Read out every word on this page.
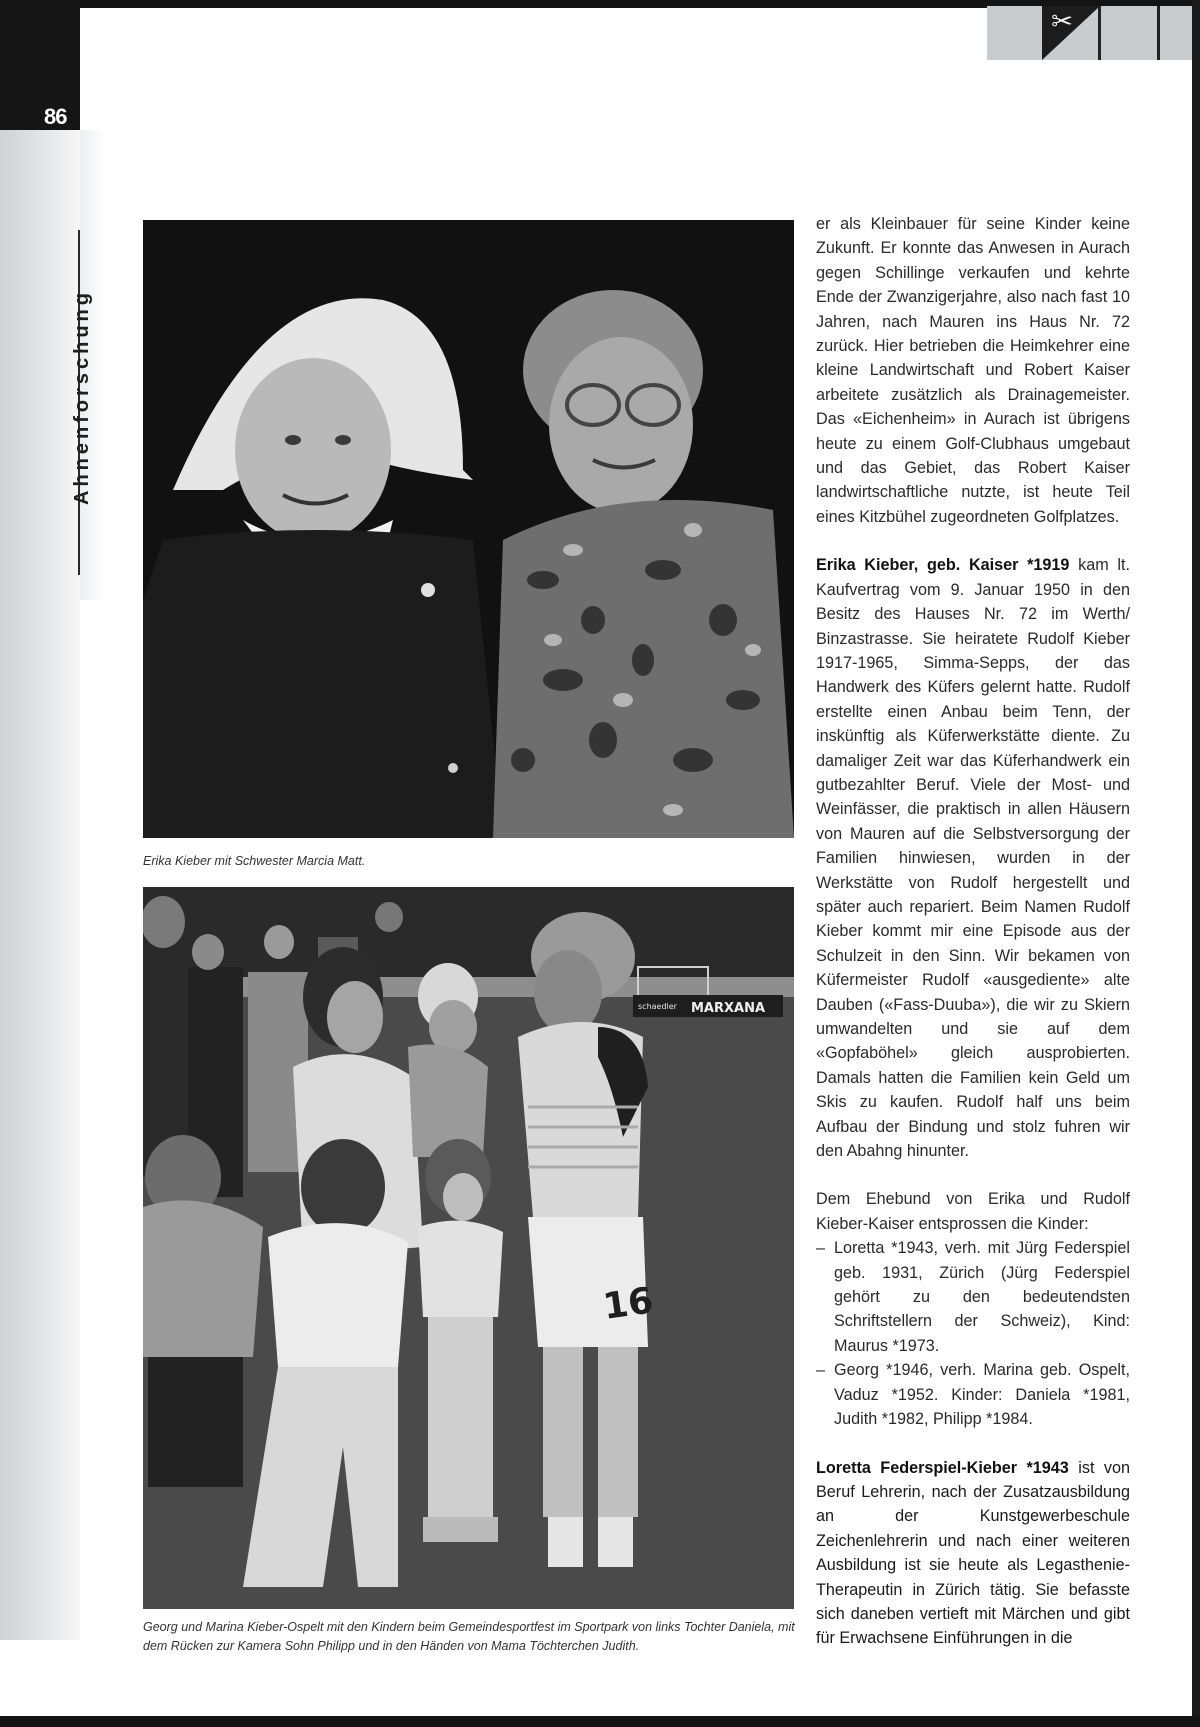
86
Ahnenforschung
✂
Erika Kieber mit Schwester Marcia Matt.
schaedler MARXANA
16
Georg und Marina Kieber-Ospelt mit den Kindern beim Gemeindesportfest im Sportpark von links Tochter Daniela, mit dem Rücken zur Kamera Sohn Philipp und in den Händen von Mama Töchterchen Judith.

er als Kleinbauer für seine Kinder keine Zukunft. Er konnte das Anwesen in Aurach gegen Schillinge verkaufen und kehrte Ende der Zwanzigerjahre, also nach fast 10 Jahren, nach Mauren ins Haus Nr. 72 zurück. Hier betrieben die Heimkehrer eine kleine Landwirtschaft und Robert Kaiser arbeitete zusätzlich als Drainagemeister. Das «Eichenheim» in Aurach ist übrigens heute zu einem Golf-Clubhaus umgebaut und das Gebiet, das Robert Kaiser landwirtschaftliche nutzte, ist heute Teil eines Kitzbühel zugeordneten Golfplatzes.

Erika Kieber, geb. Kaiser *1919 kam lt. Kaufvertrag vom 9. Januar 1950 in den Besitz des Hauses Nr. 72 im Werth/ Binzastrasse. Sie heiratete Rudolf Kieber 1917-1965, Simma-Sepps, der das Handwerk des Küfers gelernt hatte. Rudolf erstellte einen Anbau beim Tenn, der inskünftig als Küferwerkstätte diente. Zu damaliger Zeit war das Küferhandwerk ein gutbezahlter Beruf. Viele der Most- und Weinfässer, die praktisch in allen Häusern von Mauren auf die Selbstversorgung der Familien hinwiesen, wurden in der Werkstätte von Rudolf hergestellt und später auch repariert. Beim Namen Rudolf Kieber kommt mir eine Episode aus der Schulzeit in den Sinn. Wir bekamen von Küfermeister Rudolf «ausgediente» alte Dauben («Fass-Duuba»), die wir zu Skiern umwandelten und sie auf dem «Gopfaböhel» gleich ausprobierten. Damals hatten die Familien kein Geld um Skis zu kaufen. Rudolf half uns beim Aufbau der Bindung und stolz fuhren wir den Abahng hinunter.

Dem Ehebund von Erika und Rudolf Kieber-Kaiser entsprossen die Kinder:

– Loretta *1943, verh. mit Jürg Federspiel geb. 1931, Zürich (Jürg Federspiel gehört zu den bedeutendsten Schriftstellern der Schweiz), Kind: Maurus *1973.
– Georg *1946, verh. Marina geb. Ospelt, Vaduz *1952. Kinder: Daniela *1981, Judith *1982, Philipp *1984.

Loretta Federspiel-Kieber *1943 ist von Beruf Lehrerin, nach der Zusatzausbildung an der Kunstgewerbeschule Zeichenlehrerin und nach einer weiteren Ausbildung ist sie heute als Legasthenie-Therapeutin in Zürich tätig. Sie befasste sich daneben vertieft mit Märchen und gibt für Erwachsene Einführungen in die
